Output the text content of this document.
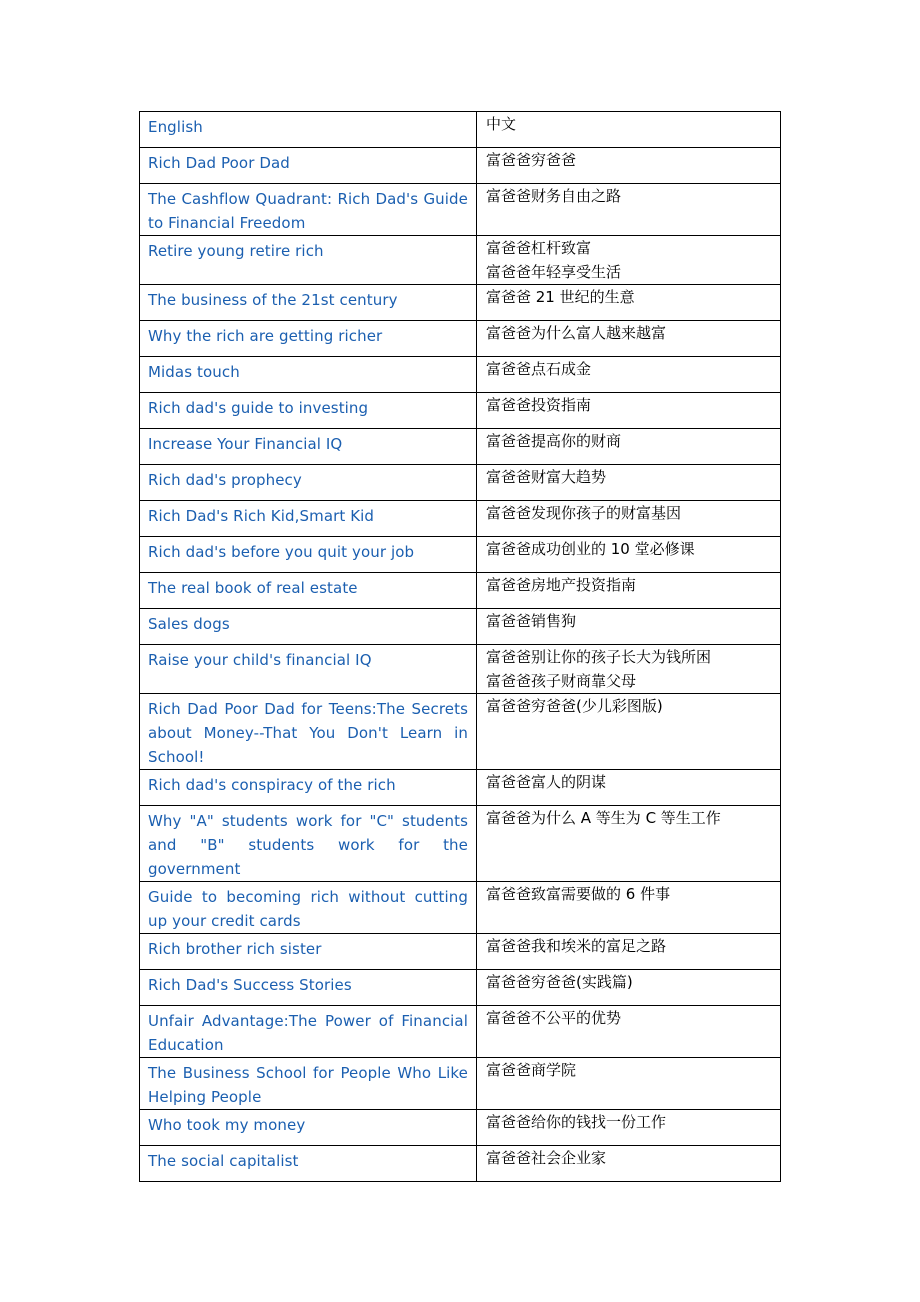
English	中文

Rich Dad Poor Dad	富爸爸穷爸爸

The Cashflow Quadrant: Rich Dad's Guide to Financial Freedom	富爸爸财务自由之路

Retire young retire rich	富爸爸杠杆致富
富爸爸年轻享受生活

The business of the 21st century	富爸爸 21 世纪的生意

Why the rich are getting richer	富爸爸为什么富人越来越富

Midas touch	富爸爸点石成金

Rich dad's guide to investing	富爸爸投资指南

Increase Your Financial IQ	富爸爸提高你的财商

Rich dad's prophecy	富爸爸财富大趋势

Rich Dad's Rich Kid,Smart Kid	富爸爸发现你孩子的财富基因

Rich dad's before you quit your job	富爸爸成功创业的 10 堂必修课

The real book of real estate	富爸爸房地产投资指南

Sales dogs	富爸爸销售狗

Raise your child's financial IQ	富爸爸别让你的孩子长大为钱所困
富爸爸孩子财商靠父母

Rich Dad Poor Dad for Teens:The Secrets about Money--That You Don't Learn in School!	富爸爸穷爸爸(少儿彩图版)

Rich dad's conspiracy of the rich	富爸爸富人的阴谋

Why "A" students work for "C" students and "B" students work for the government	富爸爸为什么 A 等生为 C 等生工作

Guide to becoming rich without cutting up your credit cards	富爸爸致富需要做的 6 件事

Rich brother rich sister	富爸爸我和埃米的富足之路

Rich Dad's Success Stories	富爸爸穷爸爸(实践篇)

Unfair Advantage:The Power of Financial Education	富爸爸不公平的优势

The Business School for People Who Like Helping People	富爸爸商学院

Who took my money	富爸爸给你的钱找一份工作

The social capitalist	富爸爸社会企业家
